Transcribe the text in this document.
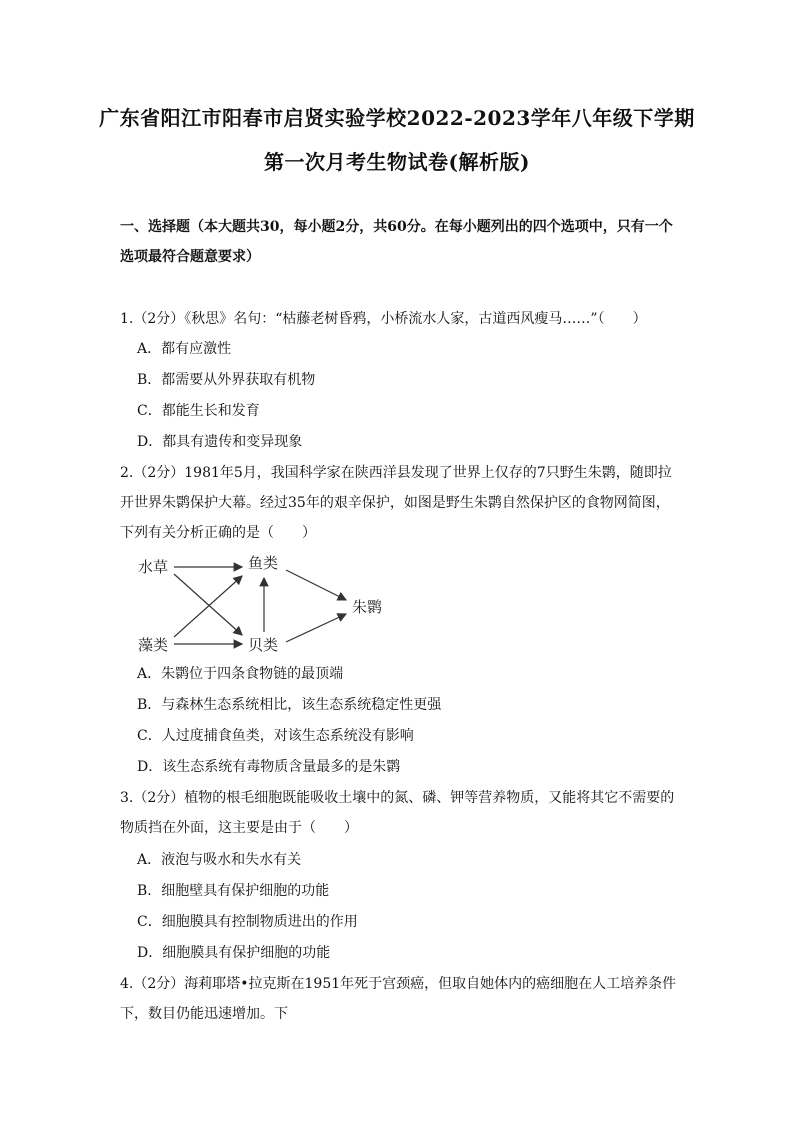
广东省阳江市阳春市启贤实验学校2022-2023学年八年级下学期
第一次月考生物试卷(解析版)
一、选择题（本大题共30，每小题2分，共60分。在每小题列出的四个选项中，只有一个选项最符合题意要求）
1.（2分）《秋思》名句：“枯藤老树昏鸦，小桥流水人家，古道西风瘦马……”（　　）
A．都有应激性
B．都需要从外界获取有机物
C．都能生长和发育
D．都具有遗传和变异现象
2.（2分）1981年5月，我国科学家在陕西洋县发现了世界上仅存的7只野生朱鹮，随即拉开世界朱鹮保护大幕。经过35年的艰辛保护，如图是野生朱鹮自然保护区的食物网简图，下列有关分析正确的是（　　）
水草	鱼类
朱鹮
藻类	贝类
A．朱鹮位于四条食物链的最顶端
B．与森林生态系统相比，该生态系统稳定性更强
C．人过度捕食鱼类，对该生态系统没有影响
D．该生态系统有毒物质含量最多的是朱鹮
3.（2分）植物的根毛细胞既能吸收土壤中的氮、磷、钾等营养物质，又能将其它不需要的物质挡在外面，这主要是由于（　　）
A．液泡与吸水和失水有关
B．细胞壁具有保护细胞的功能
C．细胞膜具有控制物质进出的作用
D．细胞膜具有保护细胞的功能
4.（2分）海莉耶塔•拉克斯在1951年死于宫颈癌，但取自她体内的癌细胞在人工培养条件下，数目仍能迅速增加。下
